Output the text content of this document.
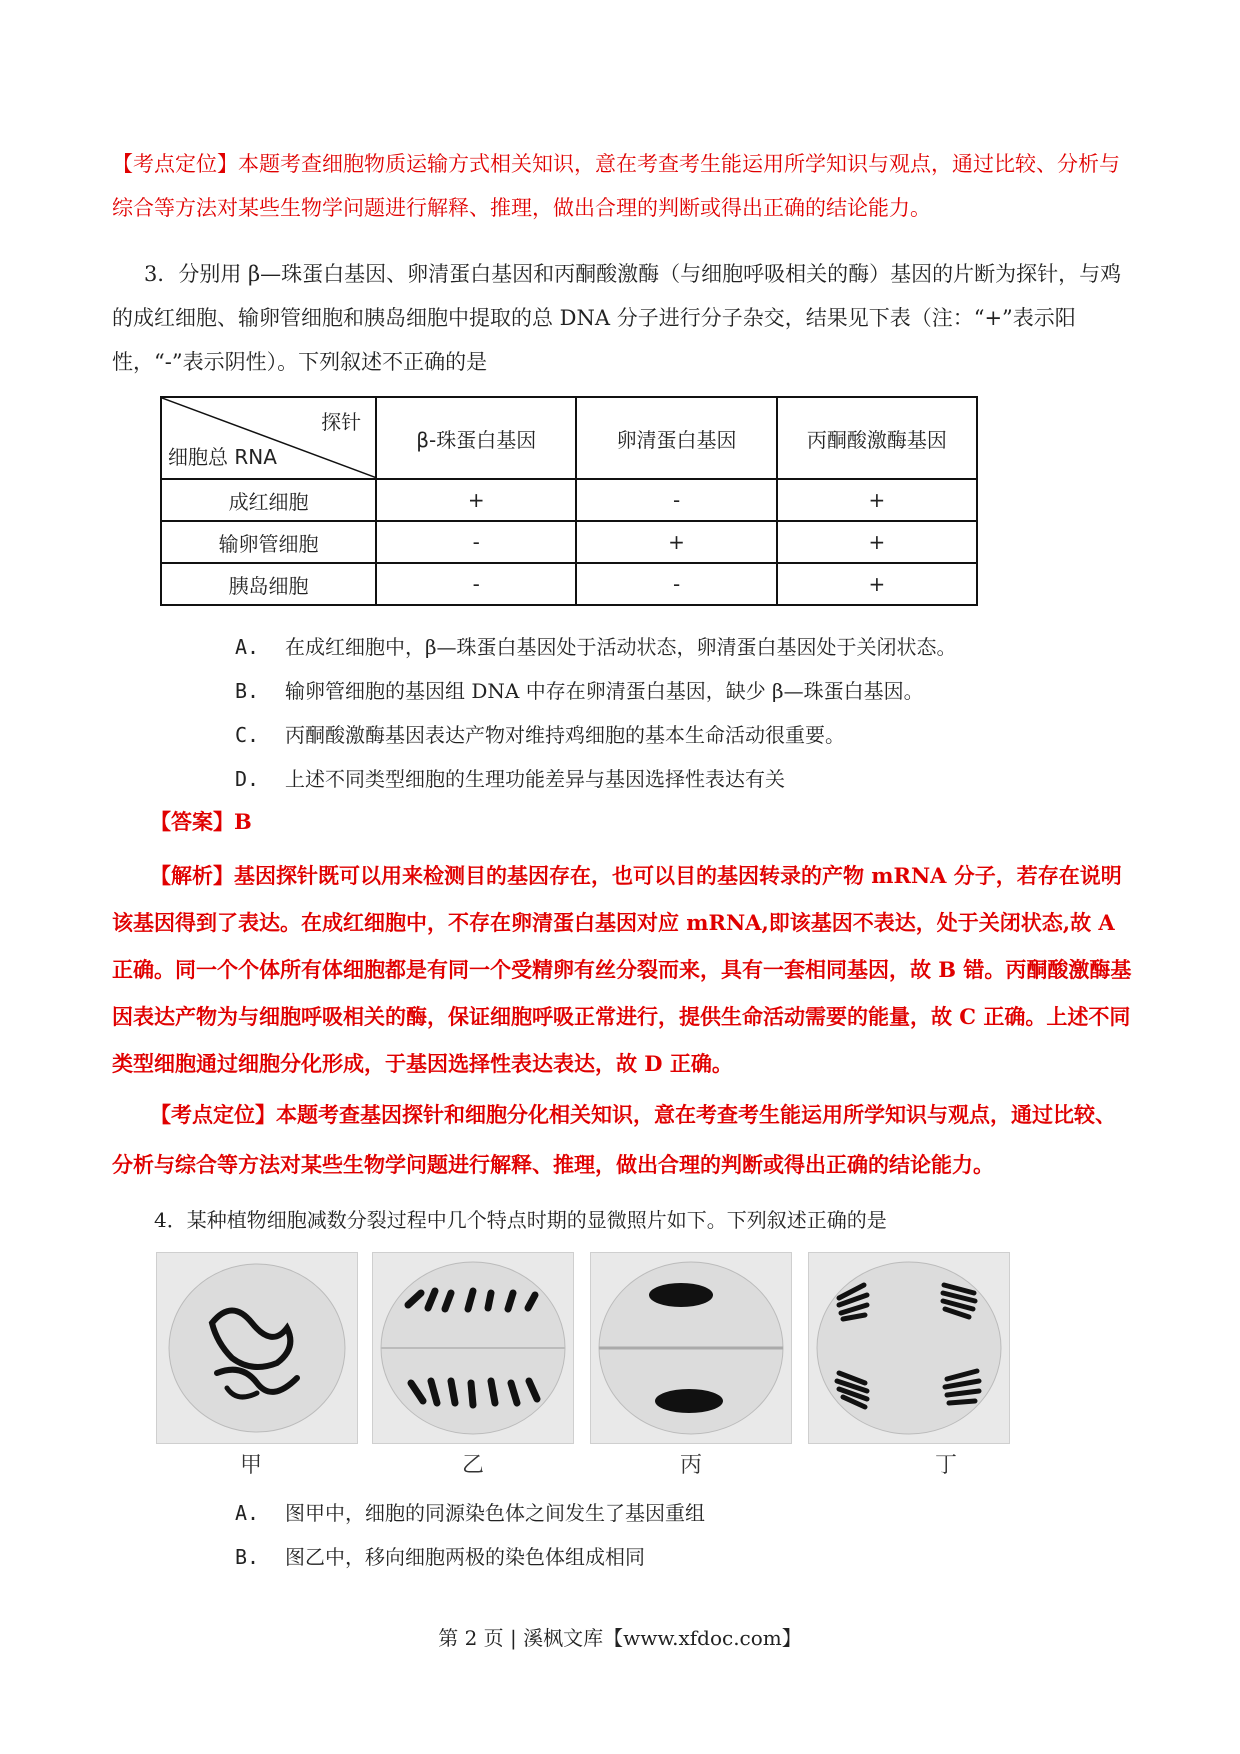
【考点定位】本题考查细胞物质运输方式相关知识，意在考查考生能运用所学知识与观点，通过比较、分析与综合等方法对某些生物学问题进行解释、推理，做出合理的判断或得出正确的结论能力。
3．分别用 β—珠蛋白基因、卵清蛋白基因和丙酮酸激酶（与细胞呼吸相关的酶）基因的片断为探针，与鸡的成红细胞、输卵管细胞和胰岛细胞中提取的总 DNA 分子进行分子杂交，结果见下表（注：“+”表示阳性，“-”表示阴性）。下列叙述不正确的是
探针
细胞总 RNA	β-珠蛋白基因	卵清蛋白基因	丙酮酸激酶基因
成红细胞	+	-	+
输卵管细胞	-	+	+
胰岛细胞	-	-	+
A. 在成红细胞中，β—珠蛋白基因处于活动状态，卵清蛋白基因处于关闭状态。
B. 输卵管细胞的基因组 DNA 中存在卵清蛋白基因，缺少 β—珠蛋白基因。
C. 丙酮酸激酶基因表达产物对维持鸡细胞的基本生命活动很重要。
D. 上述不同类型细胞的生理功能差异与基因选择性表达有关
【答案】B
【解析】基因探针既可以用来检测目的基因存在，也可以目的基因转录的产物 mRNA 分子，若存在说明该基因得到了表达。在成红细胞中，不存在卵清蛋白基因对应 mRNA,即该基因不表达，处于关闭状态,故 A 正确。同一个个体所有体细胞都是有同一个受精卵有丝分裂而来，具有一套相同基因，故 B 错。丙酮酸激酶基因表达产物为与细胞呼吸相关的酶，保证细胞呼吸正常进行，提供生命活动需要的能量，故 C 正确。上述不同类型细胞通过细胞分化形成，于基因选择性表达表达，故 D 正确。
【考点定位】本题考查基因探针和细胞分化相关知识，意在考查考生能运用所学知识与观点，通过比较、分析与综合等方法对某些生物学问题进行解释、推理，做出合理的判断或得出正确的结论能力。
4．某种植物细胞减数分裂过程中几个特点时期的显微照片如下。下列叙述正确的是
甲	乙	丙	丁
A. 图甲中，细胞的同源染色体之间发生了基因重组
B. 图乙中，移向细胞两极的染色体组成相同
第 2 页 | 溪枫文库【www.xfdoc.com】
